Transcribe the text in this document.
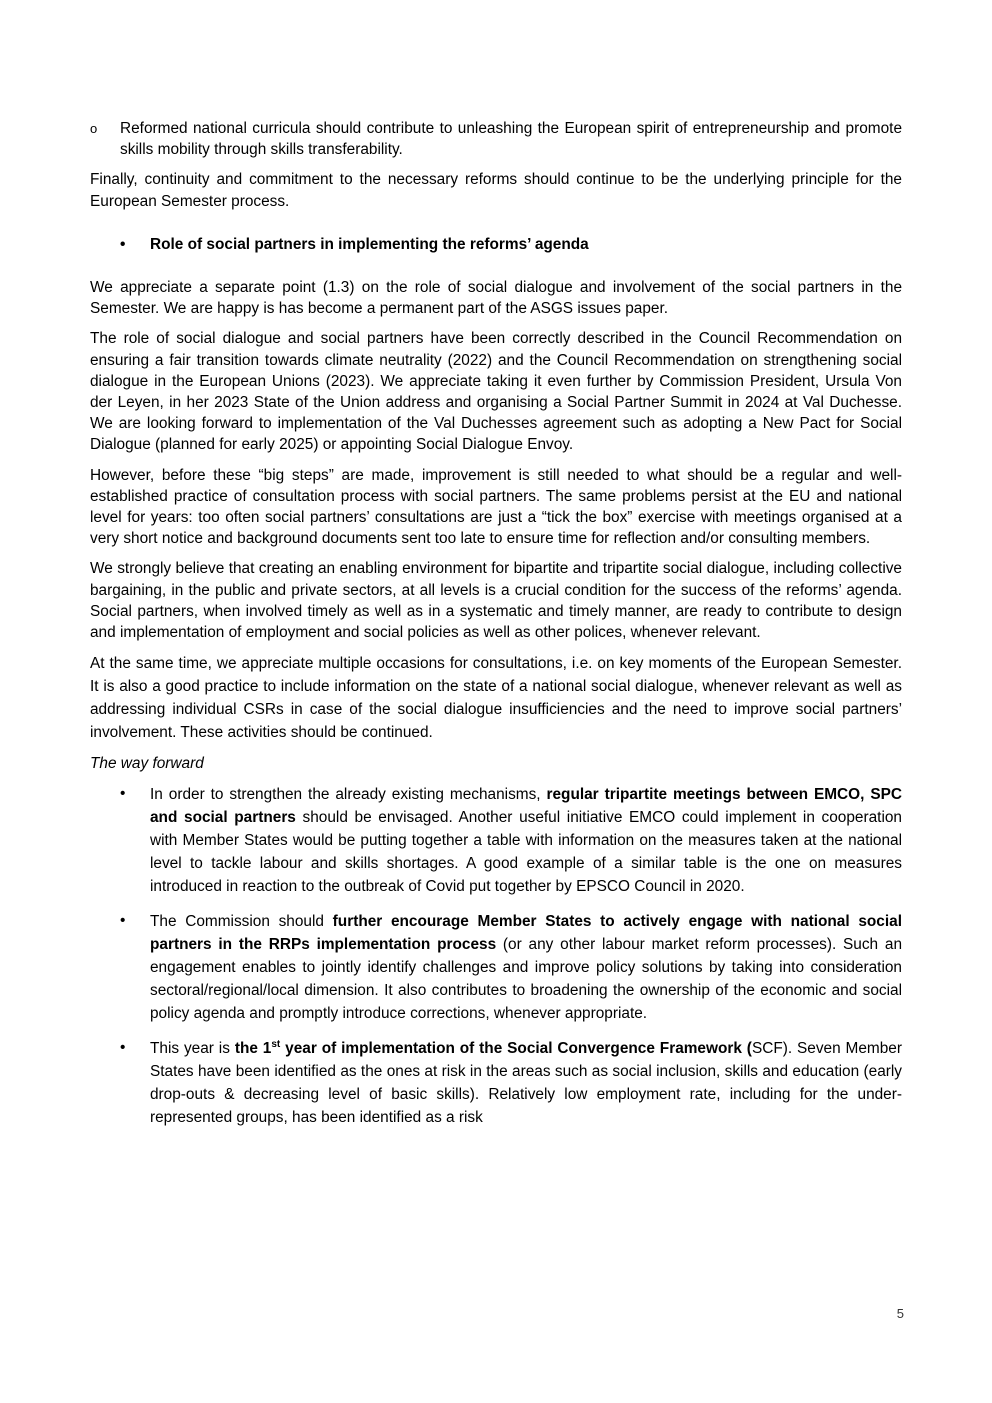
o Reformed national curricula should contribute to unleashing the European spirit of entrepreneurship and promote skills mobility through skills transferability.

Finally, continuity and commitment to the necessary reforms should continue to be the underlying principle for the European Semester process.

• Role of social partners in implementing the reforms’ agenda

We appreciate a separate point (1.3) on the role of social dialogue and involvement of the social partners in the Semester. We are happy is has become a permanent part of the ASGS issues paper.

The role of social dialogue and social partners have been correctly described in the Council Recommendation on ensuring a fair transition towards climate neutrality (2022) and the Council Recommendation on strengthening social dialogue in the European Unions (2023). We appreciate taking it even further by Commission President, Ursula Von der Leyen, in her 2023 State of the Union address and organising a Social Partner Summit in 2024 at Val Duchesse. We are looking forward to implementation of the Val Duchesses agreement such as adopting a New Pact for Social Dialogue (planned for early 2025) or appointing Social Dialogue Envoy.

However, before these “big steps” are made, improvement is still needed to what should be a regular and well-established practice of consultation process with social partners. The same problems persist at the EU and national level for years: too often social partners’ consultations are just a “tick the box” exercise with meetings organised at a very short notice and background documents sent too late to ensure time for reflection and/or consulting members.

We strongly believe that creating an enabling environment for bipartite and tripartite social dialogue, including collective bargaining, in the public and private sectors, at all levels is a crucial condition for the success of the reforms’ agenda. Social partners, when involved timely as well as in a systematic and timely manner, are ready to contribute to design and implementation of employment and social policies as well as other polices, whenever relevant.

At the same time, we appreciate multiple occasions for consultations, i.e. on key moments of the European Semester. It is also a good practice to include information on the state of a national social dialogue, whenever relevant as well as addressing individual CSRs in case of the social dialogue insufficiencies and the need to improve social partners’ involvement. These activities should be continued.

The way forward

• In order to strengthen the already existing mechanisms, regular tripartite meetings between EMCO, SPC and social partners should be envisaged. Another useful initiative EMCO could implement in cooperation with Member States would be putting together a table with information on the measures taken at the national level to tackle labour and skills shortages. A good example of a similar table is the one on measures introduced in reaction to the outbreak of Covid put together by EPSCO Council in 2020.

• The Commission should further encourage Member States to actively engage with national social partners in the RRPs implementation process (or any other labour market reform processes). Such an engagement enables to jointly identify challenges and improve policy solutions by taking into consideration sectoral/regional/local dimension. It also contributes to broadening the ownership of the economic and social policy agenda and promptly introduce corrections, whenever appropriate.

• This year is the 1st year of implementation of the Social Convergence Framework (SCF). Seven Member States have been identified as the ones at risk in the areas such as social inclusion, skills and education (early drop-outs & decreasing level of basic skills). Relatively low employment rate, including for the under-represented groups, has been identified as a risk

5
